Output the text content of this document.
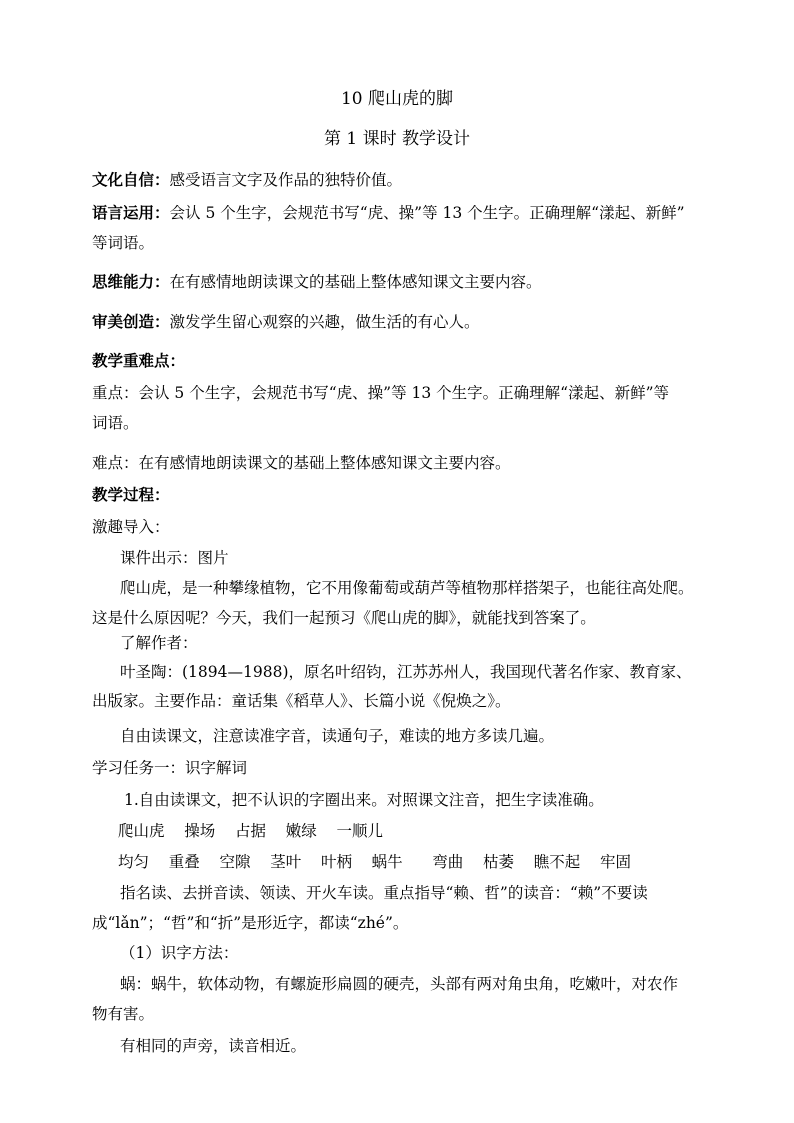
10 爬山虎的脚
第 1 课时 教学设计
文化自信：感受语言文字及作品的独特价值。
语言运用：会认 5 个生字，会规范书写“虎、操”等 13 个生字。正确理解“漾起、新鲜”
等词语。
思维能力：在有感情地朗读课文的基础上整体感知课文主要内容。
审美创造：激发学生留心观察的兴趣，做生活的有心人。
教学重难点：
重点：会认 5 个生字，会规范书写“虎、操”等 13 个生字。正确理解“漾起、新鲜”等
词语。
难点：在有感情地朗读课文的基础上整体感知课文主要内容。
教学过程：
激趣导入：
课件出示：图片
爬山虎，是一种攀缘植物，它不用像葡萄或葫芦等植物那样搭架子，也能往高处爬。
这是什么原因呢？今天，我们一起预习《爬山虎的脚》，就能找到答案了。
了解作者：
叶圣陶：(1894—1988)，原名叶绍钧，江苏苏州人，我国现代著名作家、教育家、
出版家。主要作品：童话集《稻草人》、长篇小说《倪焕之》。
自由读课文，注意读准字音，读通句子，难读的地方多读几遍。
学习任务一：识字解词
1.自由读课文，把不认识的字圈出来。对照课文注音，把生字读准确。
爬山虎 操场 占据 嫩绿 一顺儿
均匀 重叠 空隙 茎叶 叶柄 蜗牛 弯曲 枯萎 瞧不起 牢固
指名读、去拼音读、领读、开火车读。重点指导“赖、哲”的读音：“赖”不要读
成“lǎn”；“哲”和“折”是形近字，都读“zhé”。
（1）识字方法：
蜗：蜗牛，软体动物，有螺旋形扁圆的硬壳，头部有两对角虫角，吃嫩叶，对农作
物有害。
有相同的声旁，读音相近。
